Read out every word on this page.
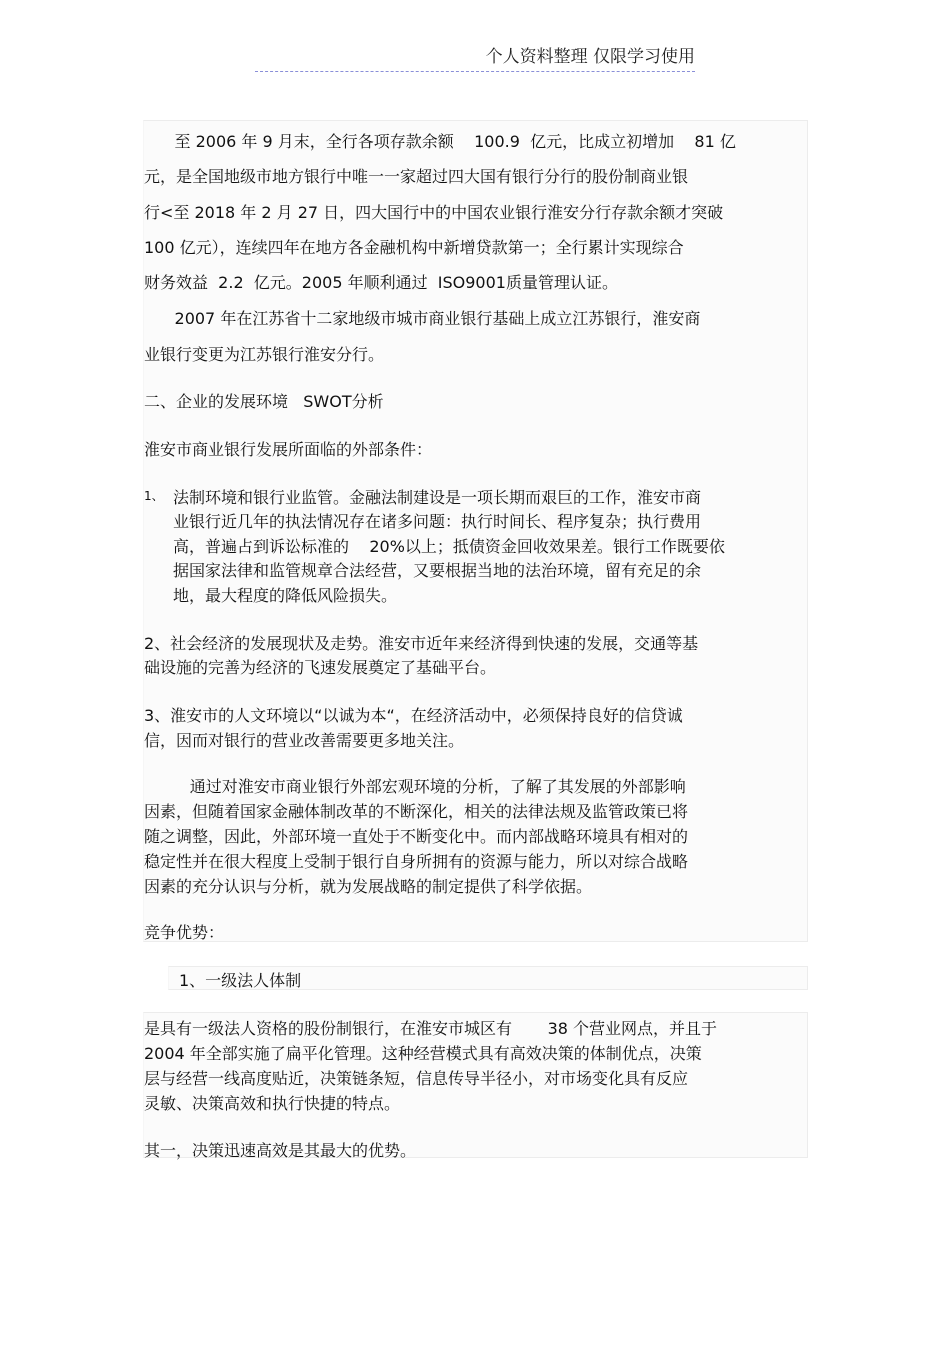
个人资料整理 仅限学习使用
至 2006 年 9 月末，全行各项存款余额    100.9  亿元，比成立初增加    81 亿
元，是全国地级市地方银行中唯一一家超过四大国有银行分行的股份制商业银
行<至 2018 年 2 月 27 日，四大国行中的中国农业银行淮安分行存款余额才突破
100 亿元），连续四年在地方各金融机构中新增贷款第一；全行累计实现综合
财务效益  2.2  亿元。2005 年顺利通过  ISO9001质量管理认证。
2007 年在江苏省十二家地级市城市商业银行基础上成立江苏银行，淮安商
业银行变更为江苏银行淮安分行。
二、企业的发展环境   SWOT分析
淮安市商业银行发展所面临的外部条件：
1、 法制环境和银行业监管。金融法制建设是一项长期而艰巨的工作，淮安市商
业银行近几年的执法情况存在诸多问题：执行时间长、程序复杂；执行费用
高，普遍占到诉讼标准的    20%以上；抵债资金回收效果差。银行工作既要依
据国家法律和监管规章合法经营，又要根据当地的法治环境，留有充足的余
地，最大程度的降低风险损失。
2、社会经济的发展现状及走势。淮安市近年来经济得到快速的发展，交通等基
础设施的完善为经济的飞速发展奠定了基础平台。
3、淮安市的人文环境以“以诚为本“，在经济活动中，必须保持良好的信贷诚
信，因而对银行的营业改善需要更多地关注。
通过对淮安市商业银行外部宏观环境的分析，了解了其发展的外部影响
因素，但随着国家金融体制改革的不断深化，相关的法律法规及监管政策已将
随之调整，因此，外部环境一直处于不断变化中。而内部战略环境具有相对的
稳定性并在很大程度上受制于银行自身所拥有的资源与能力，所以对综合战略
因素的充分认识与分析，就为发展战略的制定提供了科学依据。
竞争优势：
1、一级法人体制
是具有一级法人资格的股份制银行，在淮安市城区有       38 个营业网点，并且于
2004 年全部实施了扁平化管理。这种经营模式具有高效决策的体制优点，决策
层与经营一线高度贴近，决策链条短，信息传导半径小，对市场变化具有反应
灵敏、决策高效和执行快捷的特点。
其一，决策迅速高效是其最大的优势。
